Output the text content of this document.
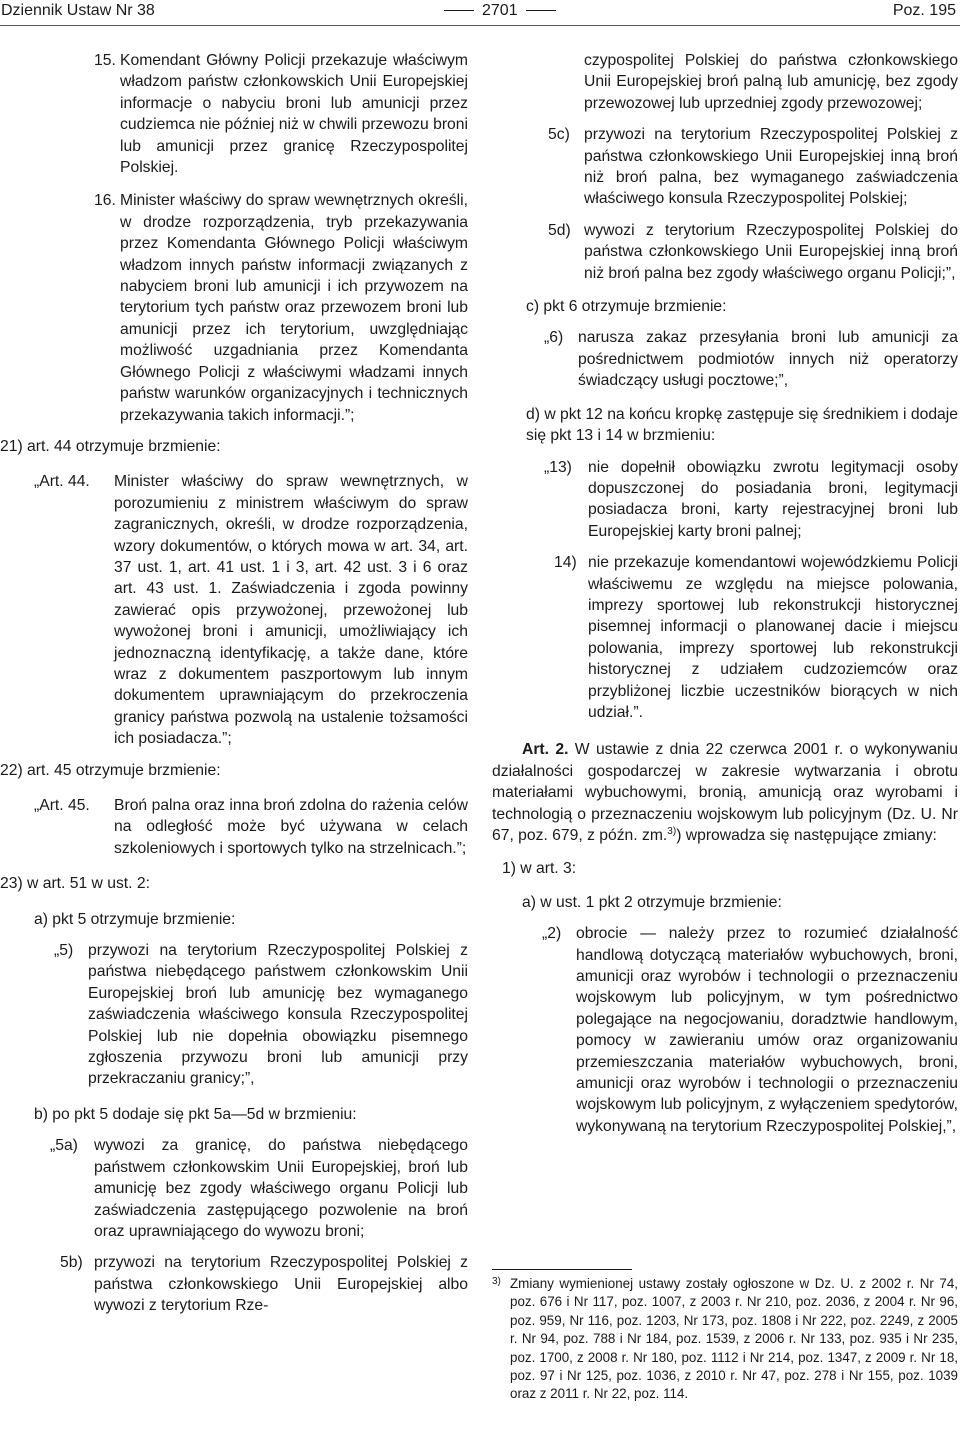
Dziennik Ustaw Nr 38	2701	Poz. 195
15. Komendant Główny Policji przekazuje właściwym władzom państw członkowskich Unii Europejskiej informacje o nabyciu broni lub amunicji przez cudziemca nie później niż w chwili przewozu broni lub amunicji przez granicę Rzeczypospolitej Polskiej.
16. Minister właściwy do spraw wewnętrznych określi, w drodze rozporządzenia, tryb przekazywania przez Komendanta Głównego Policji właściwym władzom innych państw informacji związanych z nabyciem broni lub amunicji i ich przywozem na terytorium tych państw oraz przewozem broni lub amunicji przez ich terytorium, uwzględniając możliwość uzgadniania przez Komendanta Głównego Policji z właściwymi władzami innych państw warunków organizacyjnych i technicznych przekazywania takich informacji.”;
21) art. 44 otrzymuje brzmienie:
„Art. 44.	Minister właściwy do spraw wewnętrznych, w porozumieniu z ministrem właściwym do spraw zagranicznych, określi, w drodze rozporządzenia, wzory dokumentów, o których mowa w art. 34, art. 37 ust. 1, art. 41 ust. 1 i 3, art. 42 ust. 3 i 6 oraz art. 43 ust. 1. Zaświadczenia i zgoda powinny zawierać opis przywożonej, przewożonej lub wywożonej broni i amunicji, umożliwiający ich jednoznaczną identyfikację, a także dane, które wraz z dokumentem paszportowym lub innym dokumentem uprawniającym do przekroczenia granicy państwa pozwolą na ustalenie tożsamości ich posiadacza.”;
22) art. 45 otrzymuje brzmienie:
„Art. 45.	Broń palna oraz inna broń zdolna do rażenia celów na odległość może być używana w celach szkoleniowych i sportowych tylko na strzelnicach.”;
23) w art. 51 w ust. 2:
a) pkt 5 otrzymuje brzmienie:
„5) przywozi na terytorium Rzeczypospolitej Polskiej z państwa niebędącego państwem członkowskim Unii Europejskiej broń lub amunicję bez wymaganego zaświadczenia właściwego konsula Rzeczypospolitej Polskiej lub nie dopełnia obowiązku pisemnego zgłoszenia przywozu broni lub amunicji przy przekraczaniu granicy;”,
b) po pkt 5 dodaje się pkt 5a—5d w brzmieniu:
„5a)	wywozi za granicę, do państwa niebędącego państwem członkowskim Unii Europejskiej, broń lub amunicję bez zgody właściwego organu Policji lub zaświadczenia zastępującego pozwolenie na broń oraz uprawniającego do wywozu broni;
5b) przywozi na terytorium Rzeczypospolitej Polskiej z państwa członkowskiego Unii Europejskiej albo wywozi z terytorium Rze-
czypospolitej Polskiej do państwa członkowskiego Unii Europejskiej broń palną lub amunicję, bez zgody przewozowej lub uprzedniej zgody przewozowej;
5c) przywozi na terytorium Rzeczypospolitej Polskiej z państwa członkowskiego Unii Europejskiej inną broń niż broń palna, bez wymaganego zaświadczenia właściwego konsula Rzeczypospolitej Polskiej;
5d) wywozi z terytorium Rzeczypospolitej Polskiej do państwa członkowskiego Unii Europejskiej inną broń niż broń palna bez zgody właściwego organu Policji;”,
c) pkt 6 otrzymuje brzmienie:
„6) narusza zakaz przesyłania broni lub amunicji za pośrednictwem podmiotów innych niż operatorzy świadczący usługi pocztowe;”,
d) w pkt 12 na końcu kropkę zastępuje się średnikiem i dodaje się pkt 13 i 14 w brzmieniu:
„13)	nie dopełnił obowiązku zwrotu legitymacji osoby dopuszczonej do posiadania broni, legitymacji posiadacza broni, karty rejestracyjnej broni lub Europejskiej karty broni palnej;
14) nie przekazuje komendantowi wojewódzkiemu Policji właściwemu ze względu na miejsce polowania, imprezy sportowej lub rekonstrukcji historycznej pisemnej informacji o planowanej dacie i miejscu polowania, imprezy sportowej lub rekonstrukcji historycznej z udziałem cudzoziemców oraz przybliżonej liczbie uczestników biorących w nich udział.”.
Art. 2. W ustawie z dnia 22 czerwca 2001 r. o wykonywaniu działalności gospodarczej w zakresie wytwarzania i obrotu materiałami wybuchowymi, bronią, amunicją oraz wyrobami i technologią o przeznaczeniu wojskowym lub policyjnym (Dz. U. Nr 67, poz. 679, z późn. zm.$^{3)}$) wprowadza się następujące zmiany:
1) w art. 3:
a) w ust. 1 pkt 2 otrzymuje brzmienie:
„2) obrocie — należy przez to rozumieć działalność handlową dotyczącą materiałów wybuchowych, broni, amunicji oraz wyrobów i technologii o przeznaczeniu wojskowym lub policyjnym, w tym pośrednictwo polegające na negocjowaniu, doradztwie handlowym, pomocy w zawieraniu umów oraz organizowaniu przemieszczania materiałów wybuchowych, broni, amunicji oraz wyrobów i technologii o przeznaczeniu wojskowym lub policyjnym, z wyłączeniem spedytorów, wykonywaną na terytorium Rzeczypospolitej Polskiej,”,
3) Zmiany wymienionej ustawy zostały ogłoszone w Dz. U. z 2002 r. Nr 74, poz. 676 i Nr 117, poz. 1007, z 2003 r. Nr 210, poz. 2036, z 2004 r. Nr 96, poz. 959, Nr 116, poz. 1203, Nr 173, poz. 1808 i Nr 222, poz. 2249, z 2005 r. Nr 94, poz. 788 i Nr 184, poz. 1539, z 2006 r. Nr 133, poz. 935 i Nr 235, poz. 1700, z 2008 r. Nr 180, poz. 1112 i Nr 214, poz. 1347, z 2009 r. Nr 18, poz. 97 i Nr 125, poz. 1036, z 2010 r. Nr 47, poz. 278 i Nr 155, poz. 1039 oraz z 2011 r. Nr 22, poz. 114.
